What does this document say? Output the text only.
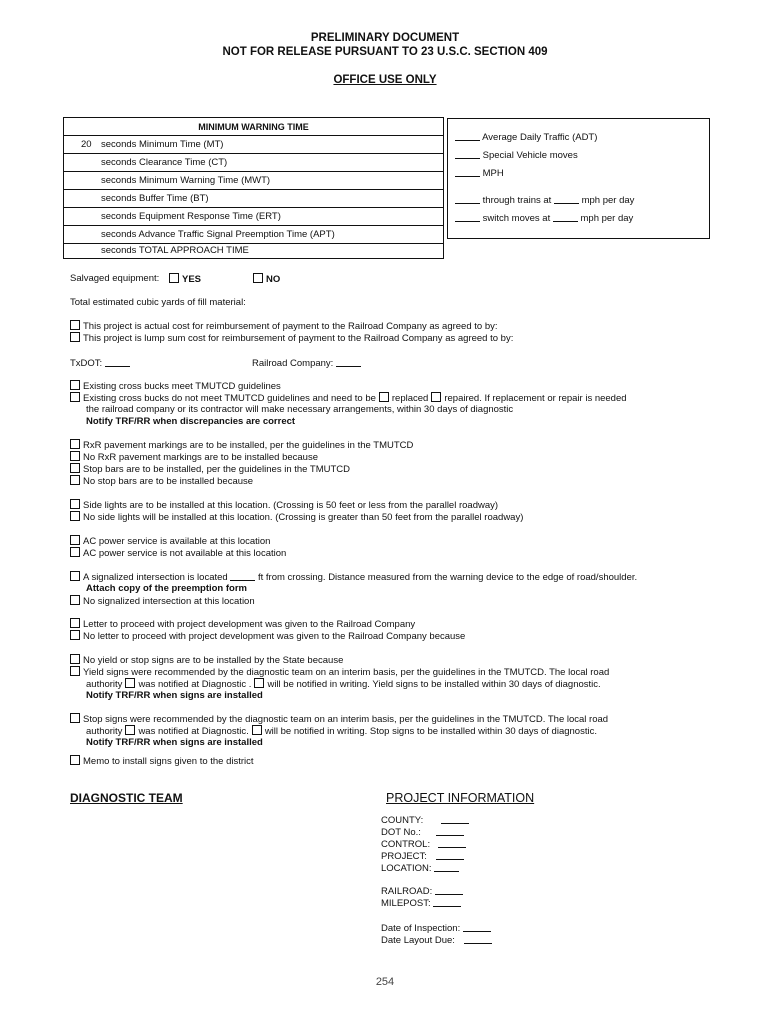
PRELIMINARY DOCUMENT
NOT FOR RELEASE PURSUANT TO 23 U.S.C. SECTION 409
OFFICE USE ONLY
MINIMUM WARNING TIME
20 seconds Minimum Time (MT)
seconds Clearance Time (CT)
seconds Minimum Warning Time (MWT)
seconds Buffer Time (BT)
seconds Equipment Response Time (ERT)
seconds Advance Traffic Signal Preemption Time (APT)
seconds TOTAL APPROACH TIME
Average Daily Traffic (ADT)
Special Vehicle moves
MPH
through trains at	mph per day
switch moves at	mph per day
Salvaged equipment:	YES	NO
Total estimated cubic yards of fill material:
This project is actual cost for reimbursement of payment to the Railroad Company as agreed to by:
This project is lump sum cost for reimbursement of payment to the Railroad Company as agreed to by:
TxDOT:	Railroad Company:
Existing cross bucks meet TMUTCD guidelines
Existing cross bucks do not meet TMUTCD guidelines and need to be replaced repaired. If replacement or repair is needed
the railroad company or its contractor will make necessary arrangements, within 30 days of diagnostic
Notify TRF/RR when discrepancies are correct
RxR pavement markings are to be installed, per the guidelines in the TMUTCD
No RxR pavement markings are to be installed because
Stop bars are to be installed, per the guidelines in the TMUTCD
No stop bars are to be installed because
Side lights are to be installed at this location. (Crossing is 50 feet or less from the parallel roadway)
No side lights will be installed at this location. (Crossing is greater than 50 feet from the parallel roadway)
AC power service is available at this location
AC power service is not available at this location
A signalized intersection is located	ft from crossing. Distance measured from the warning device to the edge of road/shoulder.
Attach copy of the preemption form
No signalized intersection at this location
Letter to proceed with project development was given to the Railroad Company
No letter to proceed with project development was given to the Railroad Company because
No yield or stop signs are to be installed by the State because
Yield signs were recommended by the diagnostic team on an interim basis, per the guidelines in the TMUTCD. The local road
authority was notified at Diagnostic . will be notified in writing. Yield signs to be installed within 30 days of diagnostic.
Notify TRF/RR when signs are installed
Stop signs were recommended by the diagnostic team on an interim basis, per the guidelines in the TMUTCD. The local road
authority was notified at Diagnostic. will be notified in writing. Stop signs to be installed within 30 days of diagnostic.
Notify TRF/RR when signs are installed
Memo to install signs given to the district
DIAGNOSTIC TEAM	PROJECT INFORMATION
COUNTY:
DOT No.:
CONTROL:
PROJECT:
LOCATION:
RAILROAD:
MILEPOST:
Date of Inspection:
Date Layout Due:
254
